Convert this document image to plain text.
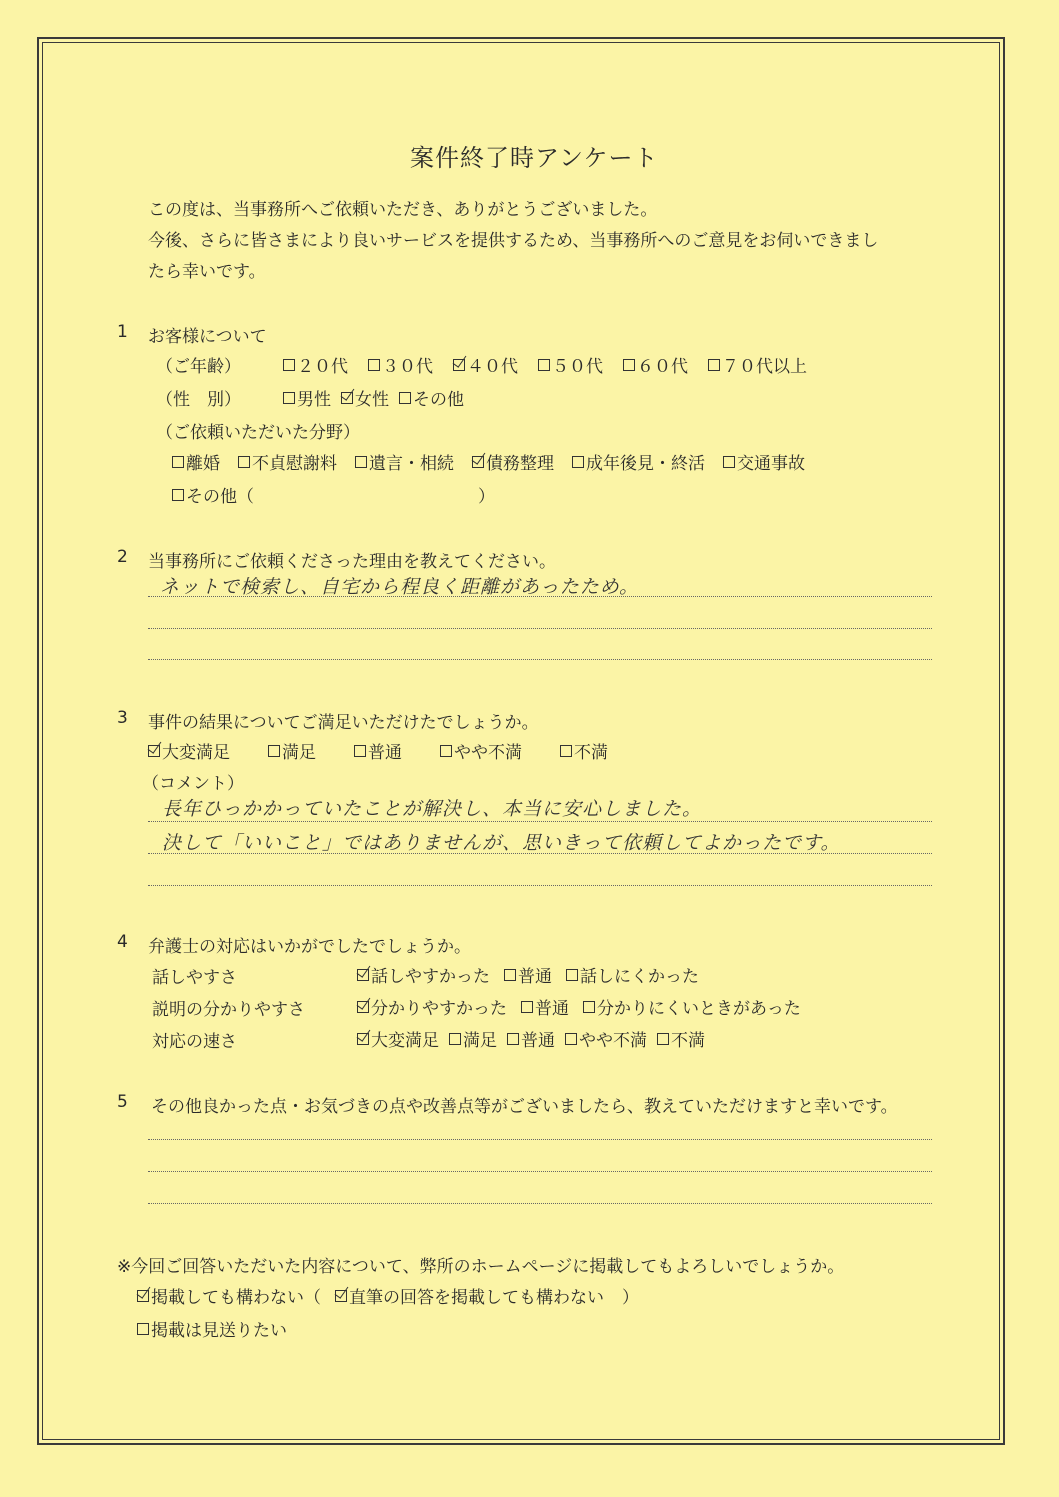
案件終了時アンケート
この度は、当事務所へご依頼いただき、ありがとうございました。
今後、さらに皆さまにより良いサービスを提供するため、当事務所へのご意見をお伺いできまし
たら幸いです。
1 お客様について
（ご年齢）	２０代 ３０代 ４０代 ５０代 ６０代 ７０代以上
（性　別）	男性 女性 その他
（ご依頼いただいた分野）
離婚 不貞慰謝料 遺言・相続 債務整理 成年後見・終活 交通事故
その他（	）
2 当事務所にご依頼くださった理由を教えてください。
ネットで検索し、自宅から程良く距離があったため。
3 事件の結果についてご満足いただけたでしょうか。
大変満足	満足	普通	やや不満	不満
（コメント）
長年ひっかかっていたことが解決し、本当に安心しました。
決して「いいこと」ではありませんが、思いきって依頼してよかったです。
4 弁護士の対応はいかがでしたでしょうか。
話しやすさ	話しやすかった 普通 話しにくかった
説明の分かりやすさ	分かりやすかった 普通 分かりにくいときがあった
対応の速さ	大変満足 満足 普通 やや不満 不満
5 その他良かった点・お気づきの点や改善点等がございましたら、教えていただけますと幸いです。
※今回ご回答いただいた内容について、弊所のホームページに掲載してもよろしいでしょうか。
掲載しても構わない（ 直筆の回答を掲載しても構わない ）
掲載は見送りたい
